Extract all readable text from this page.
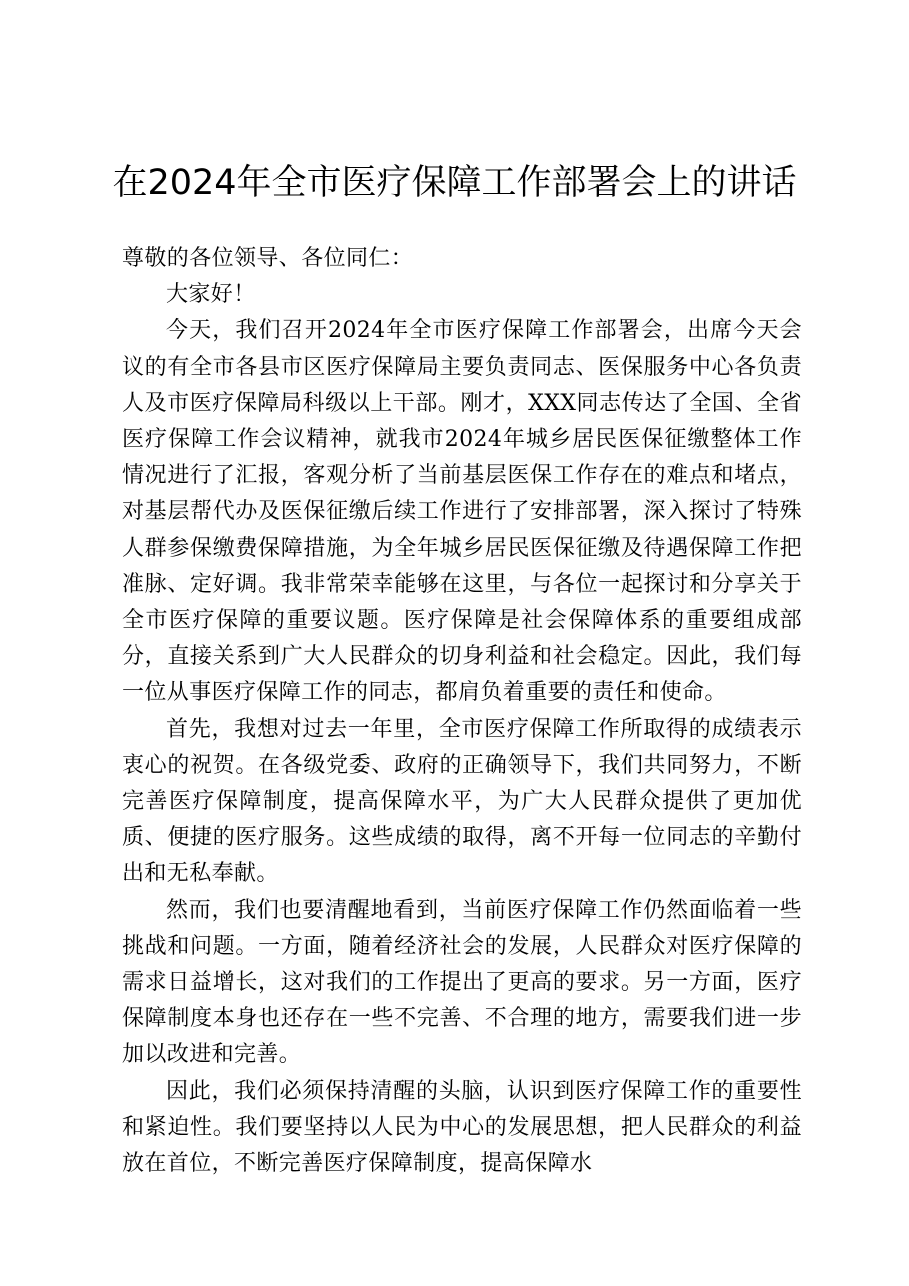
在2024年全市医疗保障工作部署会上的讲话

尊敬的各位领导、各位同仁：

大家好！

今天，我们召开2024年全市医疗保障工作部署会，出席今天会议的有全市各县市区医疗保障局主要负责同志、医保服务中心各负责人及市医疗保障局科级以上干部。刚才，XXX同志传达了全国、全省医疗保障工作会议精神，就我市2024年城乡居民医保征缴整体工作情况进行了汇报，客观分析了当前基层医保工作存在的难点和堵点，对基层帮代办及医保征缴后续工作进行了安排部署，深入探讨了特殊人群参保缴费保障措施，为全年城乡居民医保征缴及待遇保障工作把准脉、定好调。我非常荣幸能够在这里，与各位一起探讨和分享关于全市医疗保障的重要议题。医疗保障是社会保障体系的重要组成部分，直接关系到广大人民群众的切身利益和社会稳定。因此，我们每一位从事医疗保障工作的同志，都肩负着重要的责任和使命。

首先，我想对过去一年里，全市医疗保障工作所取得的成绩表示衷心的祝贺。在各级党委、政府的正确领导下，我们共同努力，不断完善医疗保障制度，提高保障水平，为广大人民群众提供了更加优质、便捷的医疗服务。这些成绩的取得，离不开每一位同志的辛勤付出和无私奉献。

然而，我们也要清醒地看到，当前医疗保障工作仍然面临着一些挑战和问题。一方面，随着经济社会的发展，人民群众对医疗保障的需求日益增长，这对我们的工作提出了更高的要求。另一方面，医疗保障制度本身也还存在一些不完善、不合理的地方，需要我们进一步加以改进和完善。

因此，我们必须保持清醒的头脑，认识到医疗保障工作的重要性和紧迫性。我们要坚持以人民为中心的发展思想，把人民群众的利益放在首位，不断完善医疗保障制度，提高保障水
